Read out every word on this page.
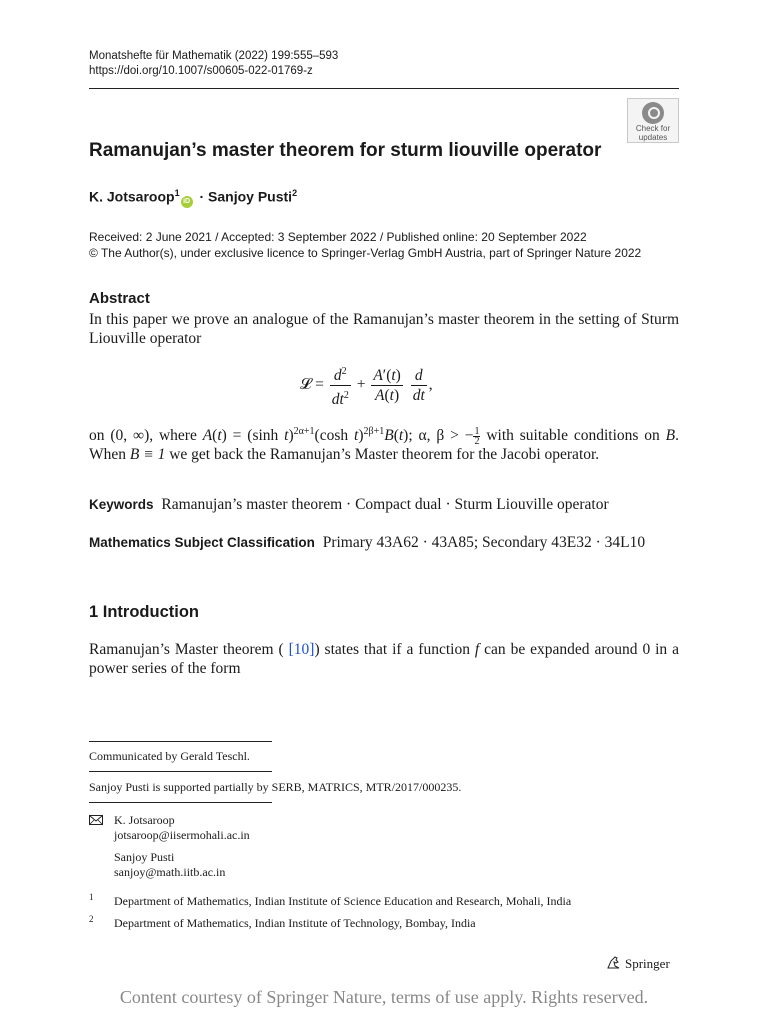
Monatshefte für Mathematik (2022) 199:555–593
https://doi.org/10.1007/s00605-022-01769-z
Check for
updates
Ramanujan’s master theorem for sturm liouville operator
K. Jotsaroop$^1$iD · Sanjoy Pusti$^2$
Received: 2 June 2021 / Accepted: 3 September 2022 / Published online: 20 September 2022
© The Author(s), under exclusive licence to Springer-Verlag GmbH Austria, part of Springer Nature 2022
Abstract
In this paper we prove an analogue of the Ramanujan’s master theorem in the setting of Sturm Liouville operator
𝓛 = $\frac{d^2}{dt^2} + \frac{A'(t)}{A(t)}$
$\frac{d}{dt}$ ,
on (0, ∞), where A(t) = (sinh t)$^{2\alpha+1}$(cosh t)$^{2\beta+1}$B(t); α, β > − $\frac{1}{2}$ with suitable conditions on B. When B ≡ 1 we get back the Ramanujan’s Master theorem for the Jacobi operator.
Keywords Ramanujan’s master theorem · Compact dual · Sturm Liouville operator
Mathematics Subject Classification Primary 43A62 · 43A85; Secondary 43E32 · 34L10
1 Introduction
Ramanujan’s Master theorem ( [10]) states that if a function f can be expanded around 0 in a power series of the form
Communicated by Gerald Teschl.
Sanjoy Pusti is supported partially by SERB, MATRICS, MTR/2017/000235.
K. Jotsaroop
jotsaroop@iisermohali.ac.in
Sanjoy Pusti
sanjoy@math.iitb.ac.in
1 Department of Mathematics, Indian Institute of Science Education and Research, Mohali, India
2 Department of Mathematics, Indian Institute of Technology, Bombay, India
Springer
Content courtesy of Springer Nature, terms of use apply. Rights reserved.
